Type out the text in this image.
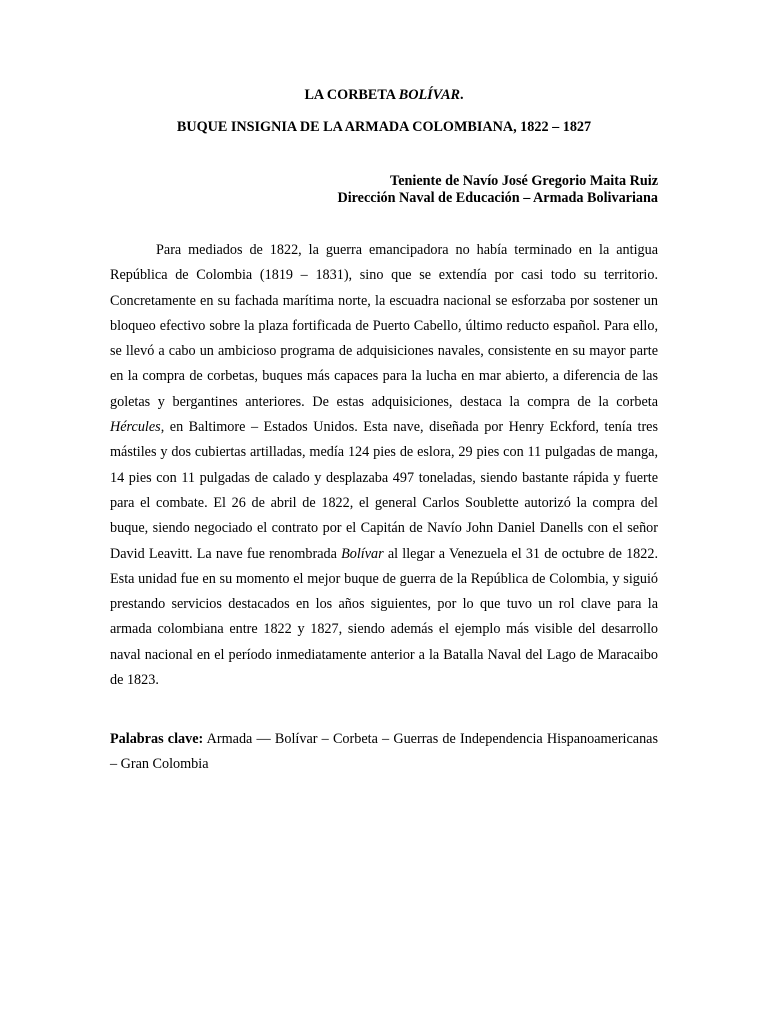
LA CORBETA BOLÍVAR.
BUQUE INSIGNIA DE LA ARMADA COLOMBIANA, 1822 – 1827
Teniente de Navío José Gregorio Maita Ruiz
Dirección Naval de Educación – Armada Bolivariana

Para mediados de 1822, la guerra emancipadora no había terminado en la antigua República de Colombia (1819 – 1831), sino que se extendía por casi todo su territorio. Concretamente en su fachada marítima norte, la escuadra nacional se esforzaba por sostener un bloqueo efectivo sobre la plaza fortificada de Puerto Cabello, último reducto español. Para ello, se llevó a cabo un ambicioso programa de adquisiciones navales, consistente en su mayor parte en la compra de corbetas, buques más capaces para la lucha en mar abierto, a diferencia de las goletas y bergantines anteriores. De estas adquisiciones, destaca la compra de la corbeta Hércules, en Baltimore – Estados Unidos. Esta nave, diseñada por Henry Eckford, tenía tres mástiles y dos cubiertas artilladas, medía 124 pies de eslora, 29 pies con 11 pulgadas de manga, 14 pies con 11 pulgadas de calado y desplazaba 497 toneladas, siendo bastante rápida y fuerte para el combate. El 26 de abril de 1822, el general Carlos Soublette autorizó la compra del buque, siendo negociado el contrato por el Capitán de Navío John Daniel Danells con el señor David Leavitt. La nave fue renombrada Bolívar al llegar a Venezuela el 31 de octubre de 1822. Esta unidad fue en su momento el mejor buque de guerra de la República de Colombia, y siguió prestando servicios destacados en los años siguientes, por lo que tuvo un rol clave para la armada colombiana entre 1822 y 1827, siendo además el ejemplo más visible del desarrollo naval nacional en el período inmediatamente anterior a la Batalla Naval del Lago de Maracaibo de 1823.

Palabras clave: Armada — Bolívar – Corbeta – Guerras de Independencia Hispanoamericanas – Gran Colombia
